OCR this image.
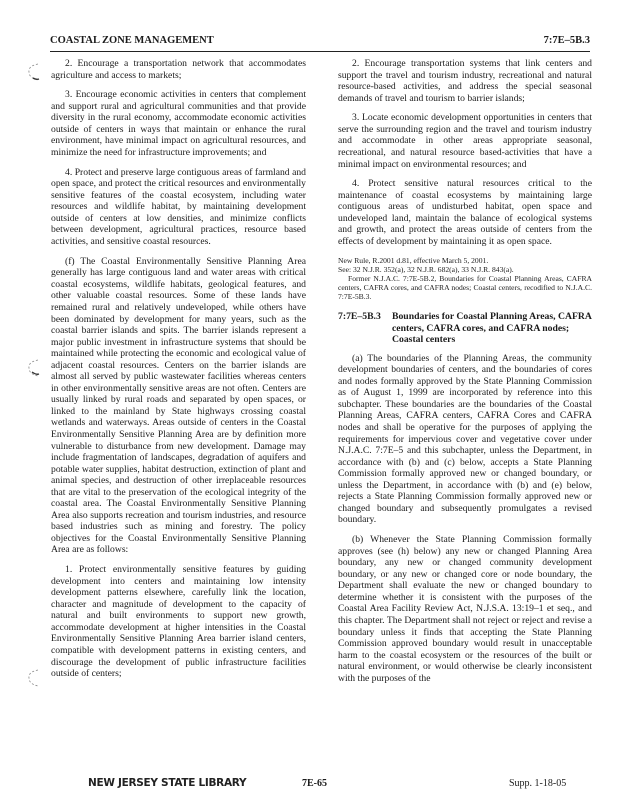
COASTAL ZONE MANAGEMENT	7:7E–5B.3

2. Encourage a transportation network that accommodates agriculture and access to markets;

3. Encourage economic activities in centers that complement and support rural and agricultural communities and that provide diversity in the rural economy, accommodate economic activities outside of centers in ways that maintain or enhance the rural environment, have minimal impact on agricultural resources, and minimize the need for infrastructure improvements; and

4. Protect and preserve large contiguous areas of farmland and open space, and protect the critical resources and environmentally sensitive features of the coastal ecosystem, including water resources and wildlife habitat, by maintaining development outside of centers at low densities, and minimize conflicts between development, agricultural practices, resource based activities, and sensitive coastal resources.

(f) The Coastal Environmentally Sensitive Planning Area generally has large contiguous land and water areas with critical coastal ecosystems, wildlife habitats, geological features, and other valuable coastal resources. Some of these lands have remained rural and relatively undeveloped, while others have been dominated by development for many years, such as the coastal barrier islands and spits. The barrier islands represent a major public investment in infrastructure systems that should be maintained while protecting the economic and ecological value of adjacent coastal resources. Centers on the barrier islands are almost all served by public wastewater facilities whereas centers in other environmentally sensitive areas are not often. Centers are usually linked by rural roads and separated by open spaces, or linked to the mainland by State highways crossing coastal wetlands and waterways. Areas outside of centers in the Coastal Environmentally Sensitive Planning Area are by definition more vulnerable to disturbance from new development. Damage may include fragmentation of landscapes, degradation of aquifers and potable water supplies, habitat destruction, extinction of plant and animal species, and destruction of other irreplaceable resources that are vital to the preservation of the ecological integrity of the coastal area. The Coastal Environmentally Sensitive Planning Area also supports recreation and tourism industries, and resource based industries such as mining and forestry. The policy objectives for the Coastal Environmentally Sensitive Planning Area are as follows:

1. Protect environmentally sensitive features by guiding development into centers and maintaining low intensity development patterns elsewhere, carefully link the location, character and magnitude of development to the capacity of natural and built environments to support new growth, accommodate development at higher intensities in the Coastal Environmentally Sensitive Planning Area barrier island centers, compatible with development patterns in existing centers, and discourage the development of public infrastructure facilities outside of centers;

2. Encourage transportation systems that link centers and support the travel and tourism industry, recreational and natural resource-based activities, and address the special seasonal demands of travel and tourism to barrier islands;

3. Locate economic development opportunities in centers that serve the surrounding region and the travel and tourism industry and accommodate in other areas appropriate seasonal, recreational, and natural resource based-activities that have a minimal impact on environmental resources; and

4. Protect sensitive natural resources critical to the maintenance of coastal ecosystems by maintaining large contiguous areas of undisturbed habitat, open space and undeveloped land, maintain the balance of ecological systems and growth, and protect the areas outside of centers from the effects of development by maintaining it as open space.

New Rule, R.2001 d.81, effective March 5, 2001.

See: 32 N.J.R. 352(a), 32 N.J.R. 682(a), 33 N.J.R. 843(a).

Former N.J.A.C. 7:7E-5B.2, Boundaries for Coastal Planning Areas, CAFRA centers, CAFRA cores, and CAFRA nodes; Coastal centers, recodified to N.J.A.C. 7:7E-5B.3.

7:7E–5B.3	Boundaries for Coastal Planning Areas, CAFRA centers, CAFRA cores, and CAFRA nodes; Coastal centers

(a) The boundaries of the Planning Areas, the community development boundaries of centers, and the boundaries of cores and nodes formally approved by the State Planning Commission as of August 1, 1999 are incorporated by reference into this subchapter. These boundaries are the boundaries of the Coastal Planning Areas, CAFRA centers, CAFRA Cores and CAFRA nodes and shall be operative for the purposes of applying the requirements for impervious cover and vegetative cover under N.J.A.C. 7:7E–5 and this subchapter, unless the Department, in accordance with (b) and (c) below, accepts a State Planning Commission formally approved new or changed boundary, or unless the Department, in accordance with (b) and (e) below, rejects a State Planning Commission formally approved new or changed boundary and subsequently promulgates a revised boundary.

(b) Whenever the State Planning Commission formally approves (see (h) below) any new or changed Planning Area boundary, any new or changed community development boundary, or any new or changed core or node boundary, the Department shall evaluate the new or changed boundary to determine whether it is consistent with the purposes of the Coastal Area Facility Review Act, N.J.S.A. 13:19–1 et seq., and this chapter. The Department shall not reject or reject and revise a boundary unless it finds that accepting the State Planning Commission approved boundary would result in unacceptable harm to the coastal ecosystem or the resources of the built or natural environment, or would otherwise be clearly inconsistent with the purposes of the

NEW JERSEY STATE LIBRARY	7E-65	Supp. 1-18-05
